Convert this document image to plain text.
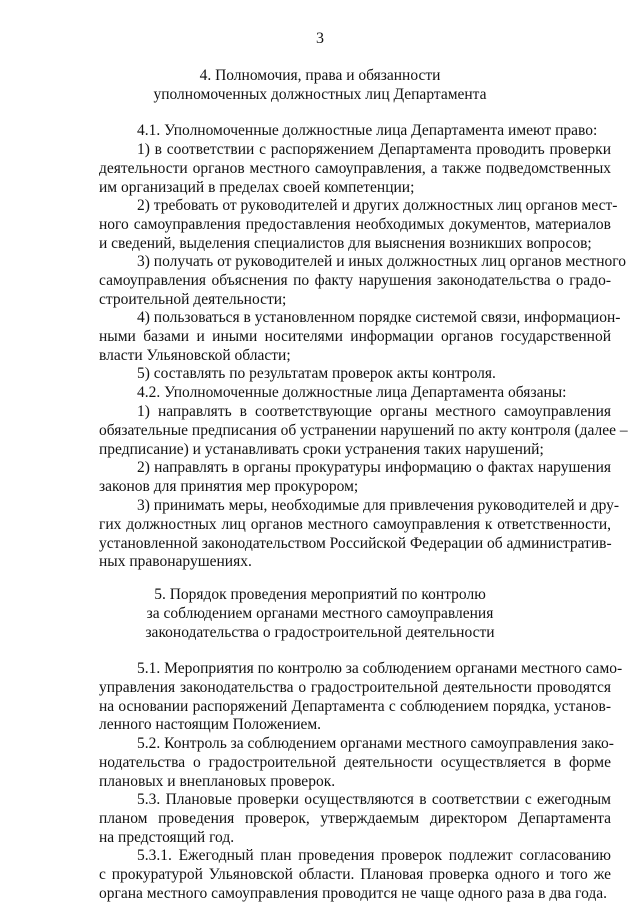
3
4. Полномочия, права и обязанности
уполномоченных должностных лиц Департамента
4.1. Уполномоченные должностные лица Департамента имеют право:
1) в соответствии с распоряжением Департамента проводить проверки
деятельности органов местного самоуправления, а также подведомственных
им организаций в пределах своей компетенции;
2) требовать от руководителей и других должностных лиц органов мест-
ного самоуправления предоставления необходимых документов, материалов
и сведений, выделения специалистов для выяснения возникших вопросов;
3) получать от руководителей и иных должностных лиц органов местного
самоуправления объяснения по факту нарушения законодательства о градо-
строительной деятельности;
4) пользоваться в установленном порядке системой связи, информацион-
ными базами и иными носителями информации органов государственной
власти Ульяновской области;
5) составлять по результатам проверок акты контроля.
4.2. Уполномоченные должностные лица Департамента обязаны:
1) направлять в соответствующие органы местного самоуправления
обязательные предписания об устранении нарушений по акту контроля (далее –
предписание) и устанавливать сроки устранения таких нарушений;
2) направлять в органы прокуратуры информацию о фактах нарушения
законов для принятия мер прокурором;
3) принимать меры, необходимые для привлечения руководителей и дру-
гих должностных лиц органов местного самоуправления к ответственности,
установленной законодательством Российской Федерации об административ-
ных правонарушениях.
5. Порядок проведения мероприятий по контролю
за соблюдением органами местного самоуправления
законодательства о градостроительной деятельности
5.1. Мероприятия по контролю за соблюдением органами местного само-
управления законодательства о градостроительной деятельности проводятся
на основании распоряжений Департамента с соблюдением порядка, установ-
ленного настоящим Положением.
5.2. Контроль за соблюдением органами местного самоуправления зако-
нодательства о градостроительной деятельности осуществляется в форме
плановых и внеплановых проверок.
5.3. Плановые проверки осуществляются в соответствии с ежегодным
планом проведения проверок, утверждаемым директором Департамента
на предстоящий год.
5.3.1. Ежегодный план проведения проверок подлежит согласованию
с прокуратурой Ульяновской области. Плановая проверка одного и того же
органа местного самоуправления проводится не чаще одного раза в два года.
